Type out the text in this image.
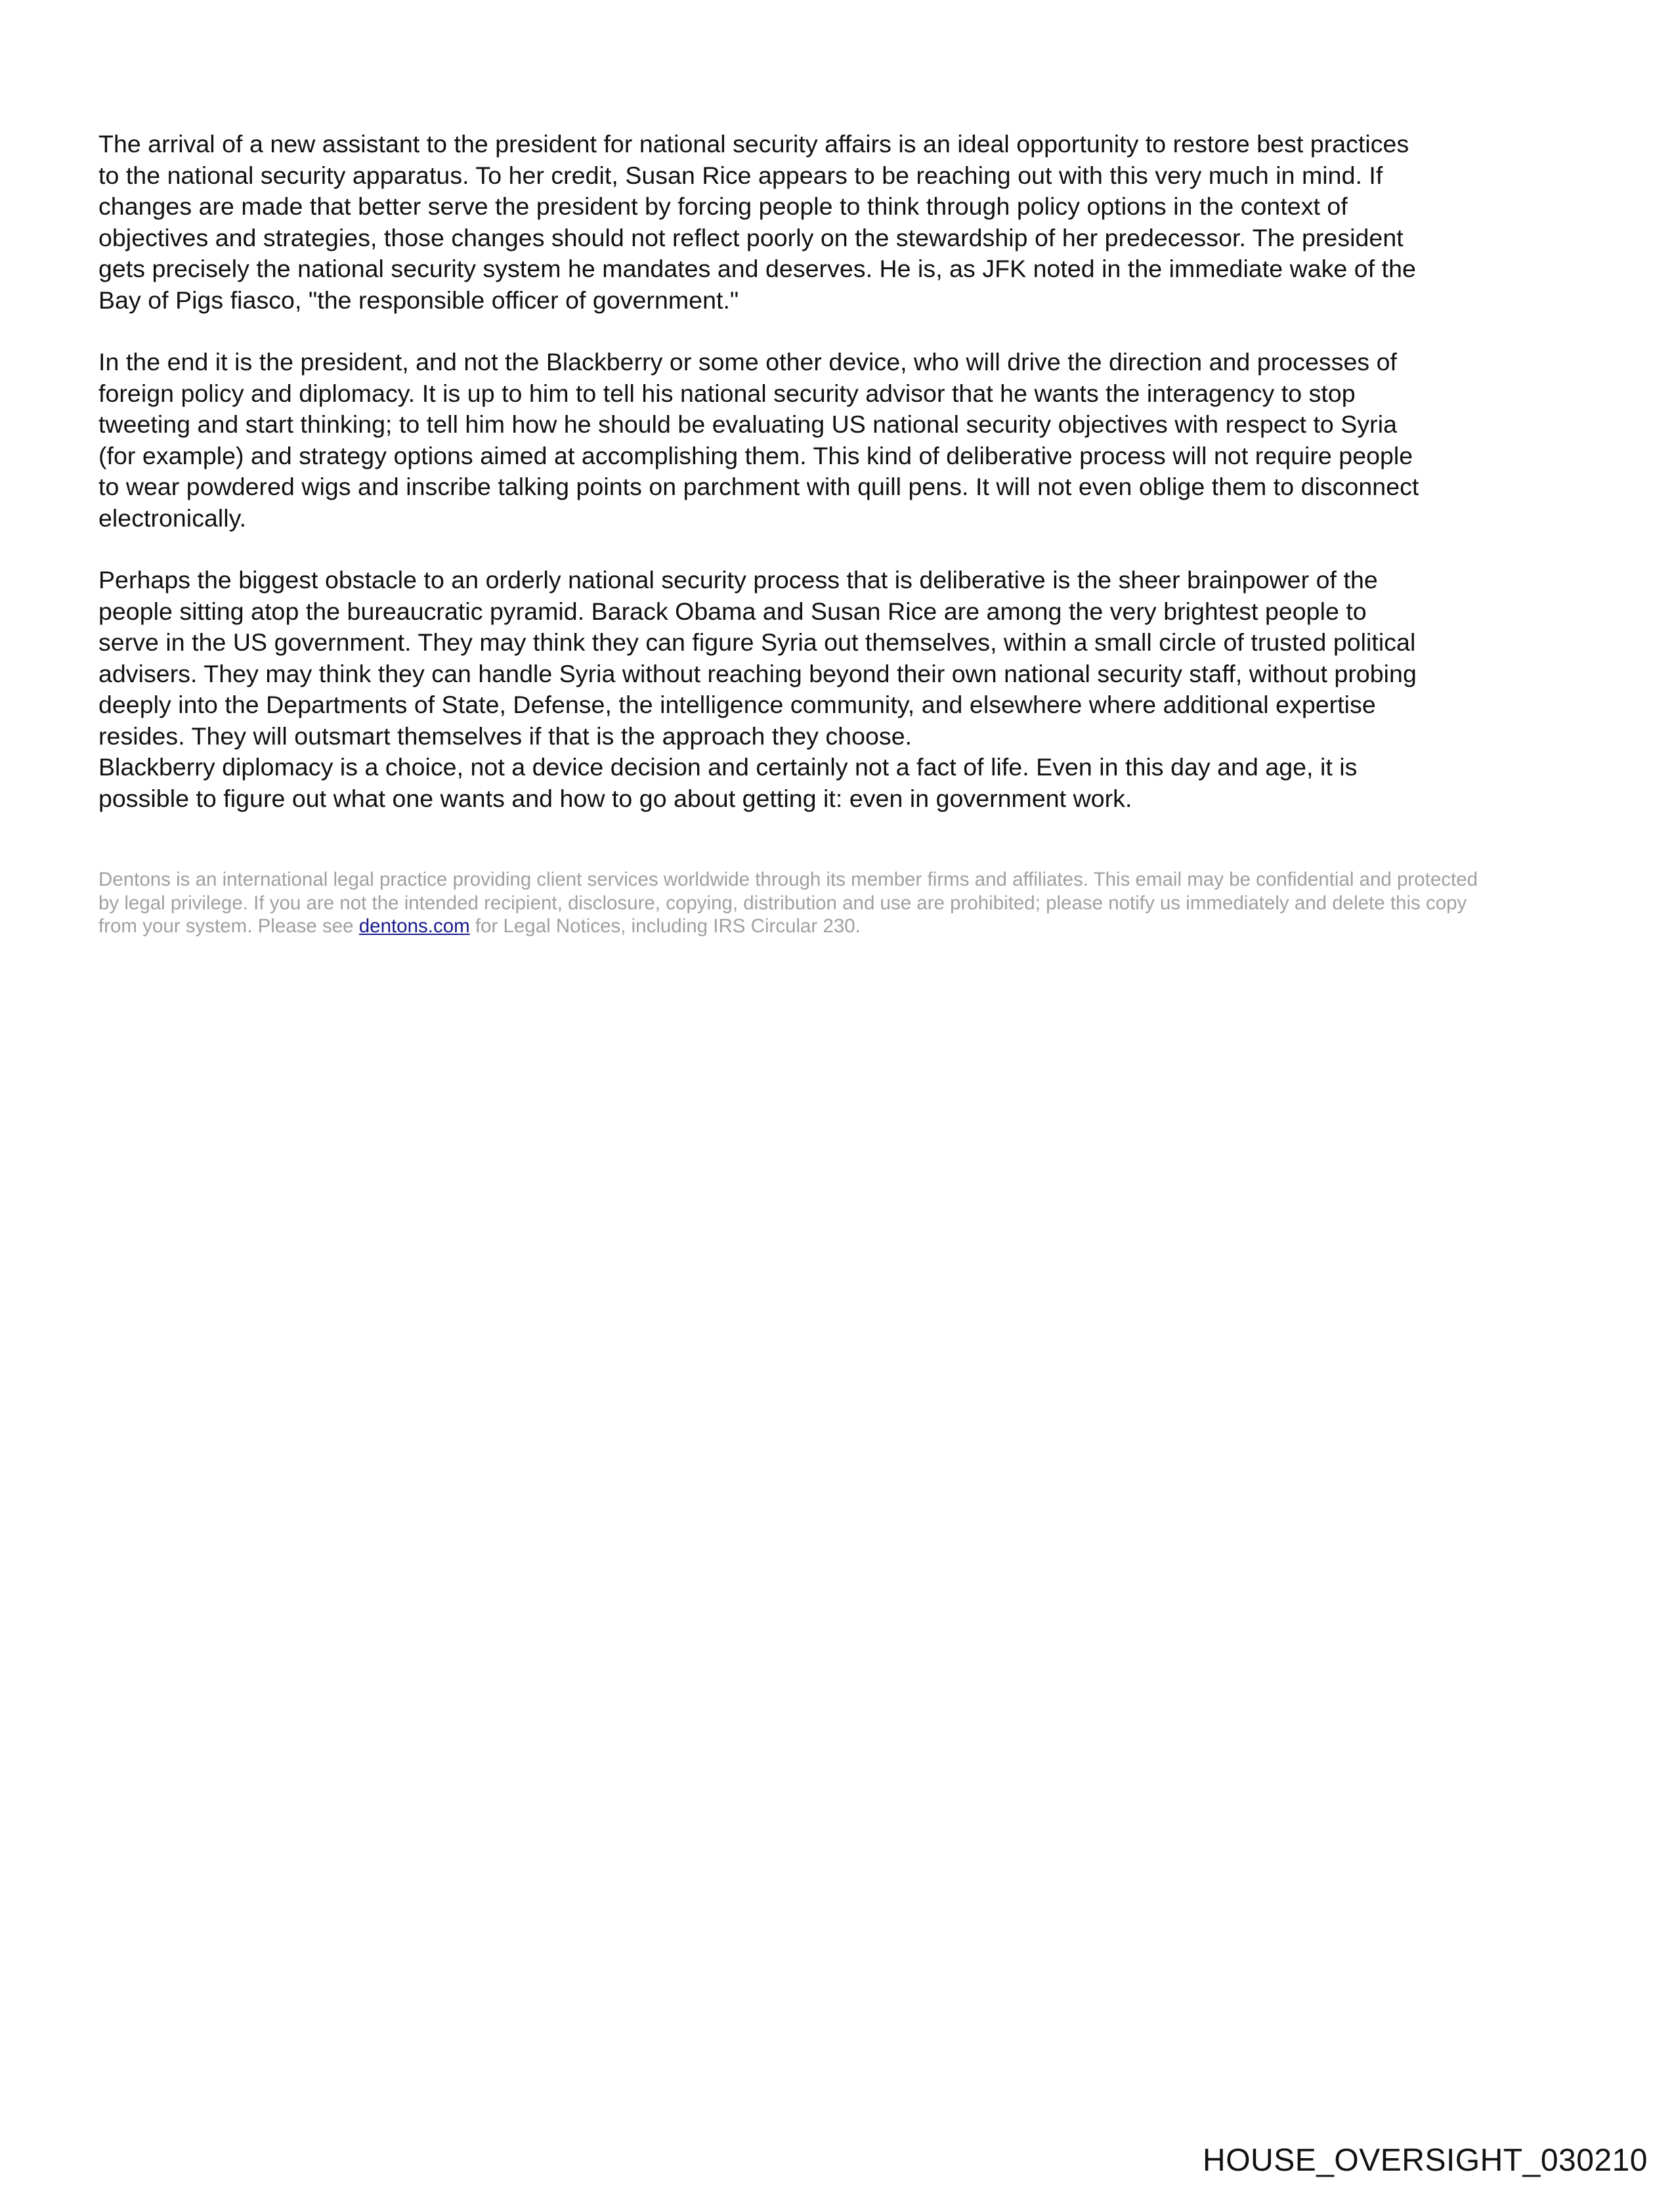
The arrival of a new assistant to the president for national security affairs is an ideal opportunity to restore best practices
to the national security apparatus. To her credit, Susan Rice appears to be reaching out with this very much in mind. If
changes are made that better serve the president by forcing people to think through policy options in the context of
objectives and strategies, those changes should not reflect poorly on the stewardship of her predecessor. The president
gets precisely the national security system he mandates and deserves. He is, as JFK noted in the immediate wake of the
Bay of Pigs fiasco, "the responsible officer of government."

In the end it is the president, and not the Blackberry or some other device, who will drive the direction and processes of
foreign policy and diplomacy. It is up to him to tell his national security advisor that he wants the interagency to stop
tweeting and start thinking; to tell him how he should be evaluating US national security objectives with respect to Syria
(for example) and strategy options aimed at accomplishing them. This kind of deliberative process will not require people
to wear powdered wigs and inscribe talking points on parchment with quill pens. It will not even oblige them to disconnect
electronically.

Perhaps the biggest obstacle to an orderly national security process that is deliberative is the sheer brainpower of the
people sitting atop the bureaucratic pyramid. Barack Obama and Susan Rice are among the very brightest people to
serve in the US government. They may think they can figure Syria out themselves, within a small circle of trusted political
advisers. They may think they can handle Syria without reaching beyond their own national security staff, without probing
deeply into the Departments of State, Defense, the intelligence community, and elsewhere where additional expertise
resides. They will outsmart themselves if that is the approach they choose.
Blackberry diplomacy is a choice, not a device decision and certainly not a fact of life. Even in this day and age, it is
possible to figure out what one wants and how to go about getting it: even in government work.

Dentons is an international legal practice providing client services worldwide through its member firms and affiliates. This email may be confidential and protected
by legal privilege. If you are not the intended recipient, disclosure, copying, distribution and use are prohibited; please notify us immediately and delete this copy
from your system. Please see dentons.com for Legal Notices, including IRS Circular 230.
HOUSE_OVERSIGHT_030210
